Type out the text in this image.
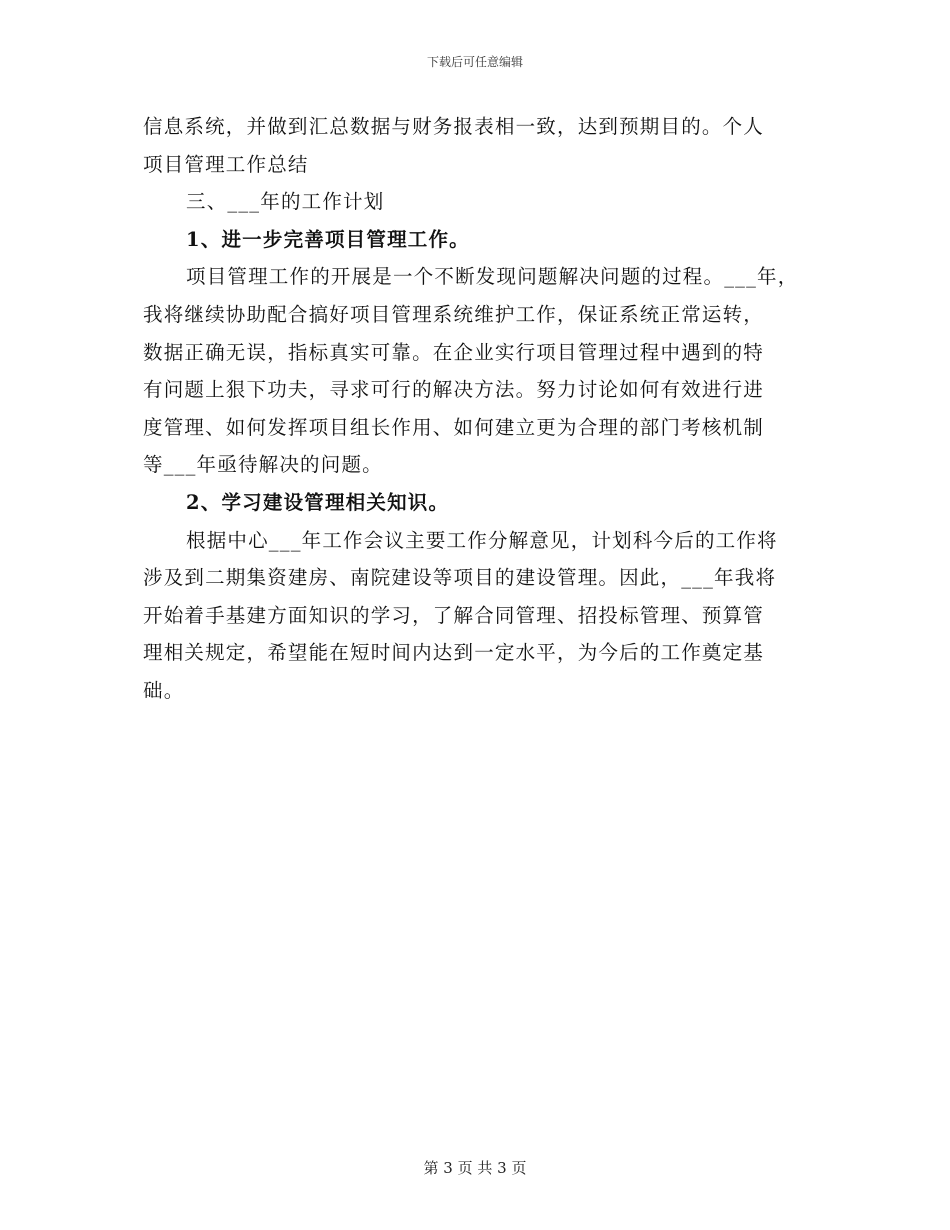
下载后可任意编辑
信息系统，并做到汇总数据与财务报表相一致，达到预期目的。个人
项目管理工作总结
三、___年的工作计划
1、进一步完善项目管理工作。
项目管理工作的开展是一个不断发现问题解决问题的过程。___年，
我将继续协助配合搞好项目管理系统维护工作，保证系统正常运转，
数据正确无误，指标真实可靠。在企业实行项目管理过程中遇到的特
有问题上狠下功夫，寻求可行的解决方法。努力讨论如何有效进行进
度管理、如何发挥项目组长作用、如何建立更为合理的部门考核机制
等___年亟待解决的问题。
2、学习建设管理相关知识。
根据中心___年工作会议主要工作分解意见，计划科今后的工作将
涉及到二期集资建房、南院建设等项目的建设管理。因此，___年我将
开始着手基建方面知识的学习，了解合同管理、招投标管理、预算管
理相关规定，希望能在短时间内达到一定水平，为今后的工作奠定基
础。
第 3 页 共 3 页
